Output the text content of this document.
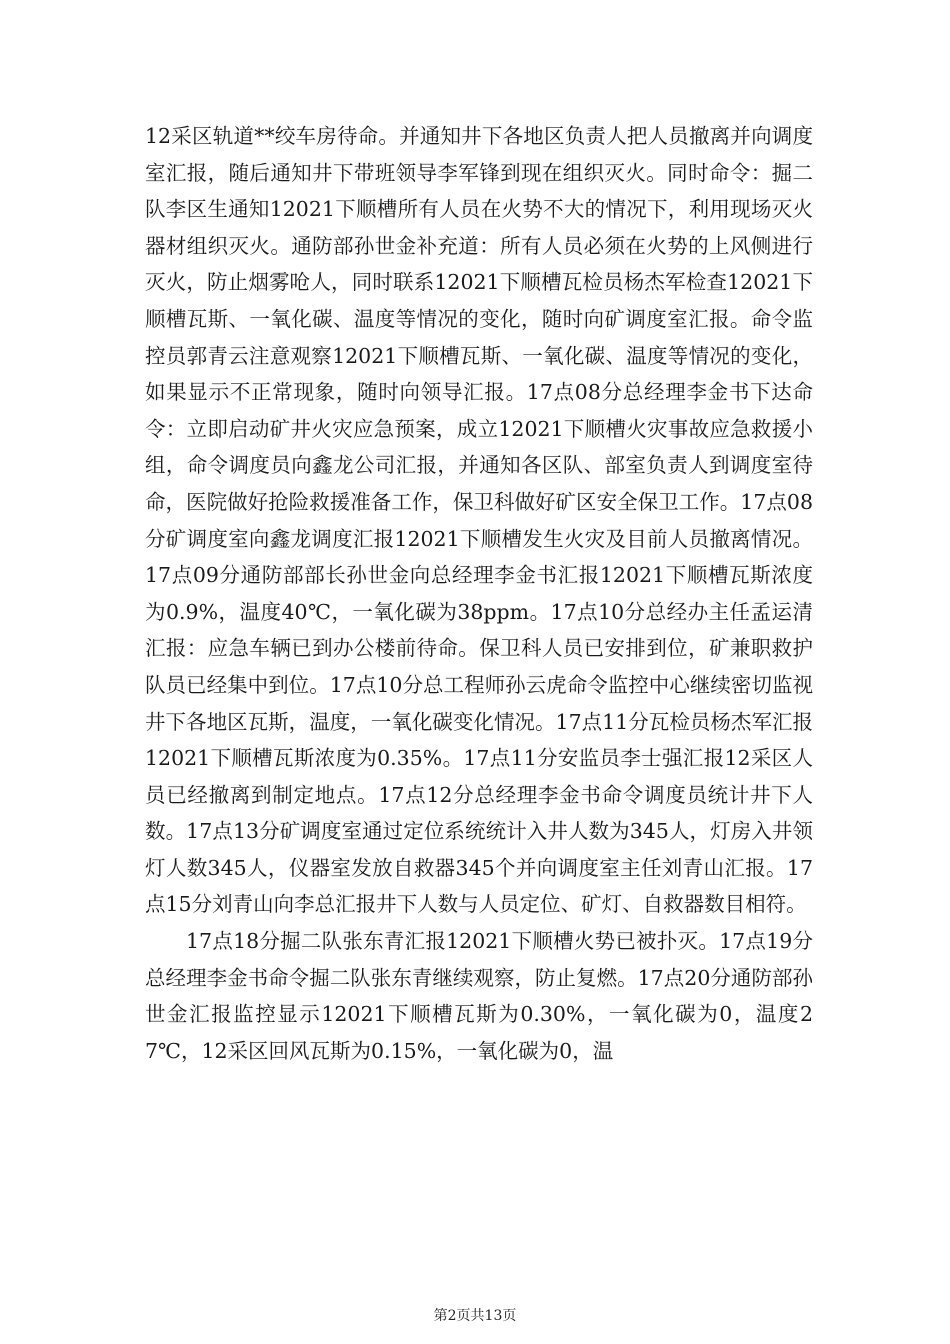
12采区轨道**绞车房待命。并通知井下各地区负责人把人员撤离并向调度室汇报，随后通知井下带班领导李军锋到现在组织灭火。同时命令：掘二队李区生通知12021下顺槽所有人员在火势不大的情况下，利用现场灭火器材组织灭火。通防部孙世金补充道：所有人员必须在火势的上风侧进行灭火，防止烟雾呛人，同时联系12021下顺槽瓦检员杨杰军检查12021下顺槽瓦斯、一氧化碳、温度等情况的变化，随时向矿调度室汇报。命令监控员郭青云注意观察12021下顺槽瓦斯、一氧化碳、温度等情况的变化，如果显示不正常现象，随时向领导汇报。17点08分总经理李金书下达命令：立即启动矿井火灾应急预案，成立12021下顺槽火灾事故应急救援小组，命令调度员向鑫龙公司汇报，并通知各区队、部室负责人到调度室待命，医院做好抢险救援准备工作，保卫科做好矿区安全保卫工作。17点08分矿调度室向鑫龙调度汇报12021下顺槽发生火灾及目前人员撤离情况。17点09分通防部部长孙世金向总经理李金书汇报12021下顺槽瓦斯浓度为0.9%，温度40℃，一氧化碳为38ppm。17点10分总经办主任孟运清汇报：应急车辆已到办公楼前待命。保卫科人员已安排到位，矿兼职救护队员已经集中到位。17点10分总工程师孙云虎命令监控中心继续密切监视井下各地区瓦斯，温度，一氧化碳变化情况。17点11分瓦检员杨杰军汇报12021下顺槽瓦斯浓度为0.35%。17点11分安监员李士强汇报12采区人员已经撤离到制定地点。17点12分总经理李金书命令调度员统计井下人数。17点13分矿调度室通过定位系统统计入井人数为345人，灯房入井领灯人数345人，仪器室发放自救器345个并向调度室主任刘青山汇报。17点15分刘青山向李总汇报井下人数与人员定位、矿灯、自救器数目相符。

17点18分掘二队张东青汇报12021下顺槽火势已被扑灭。17点19分总经理李金书命令掘二队张东青继续观察，防止复燃。17点20分通防部孙世金汇报监控显示12021下顺槽瓦斯为0.30%，一氧化碳为0，温度27℃，12采区回风瓦斯为0.15%，一氧化碳为0，温

第2页共13页
